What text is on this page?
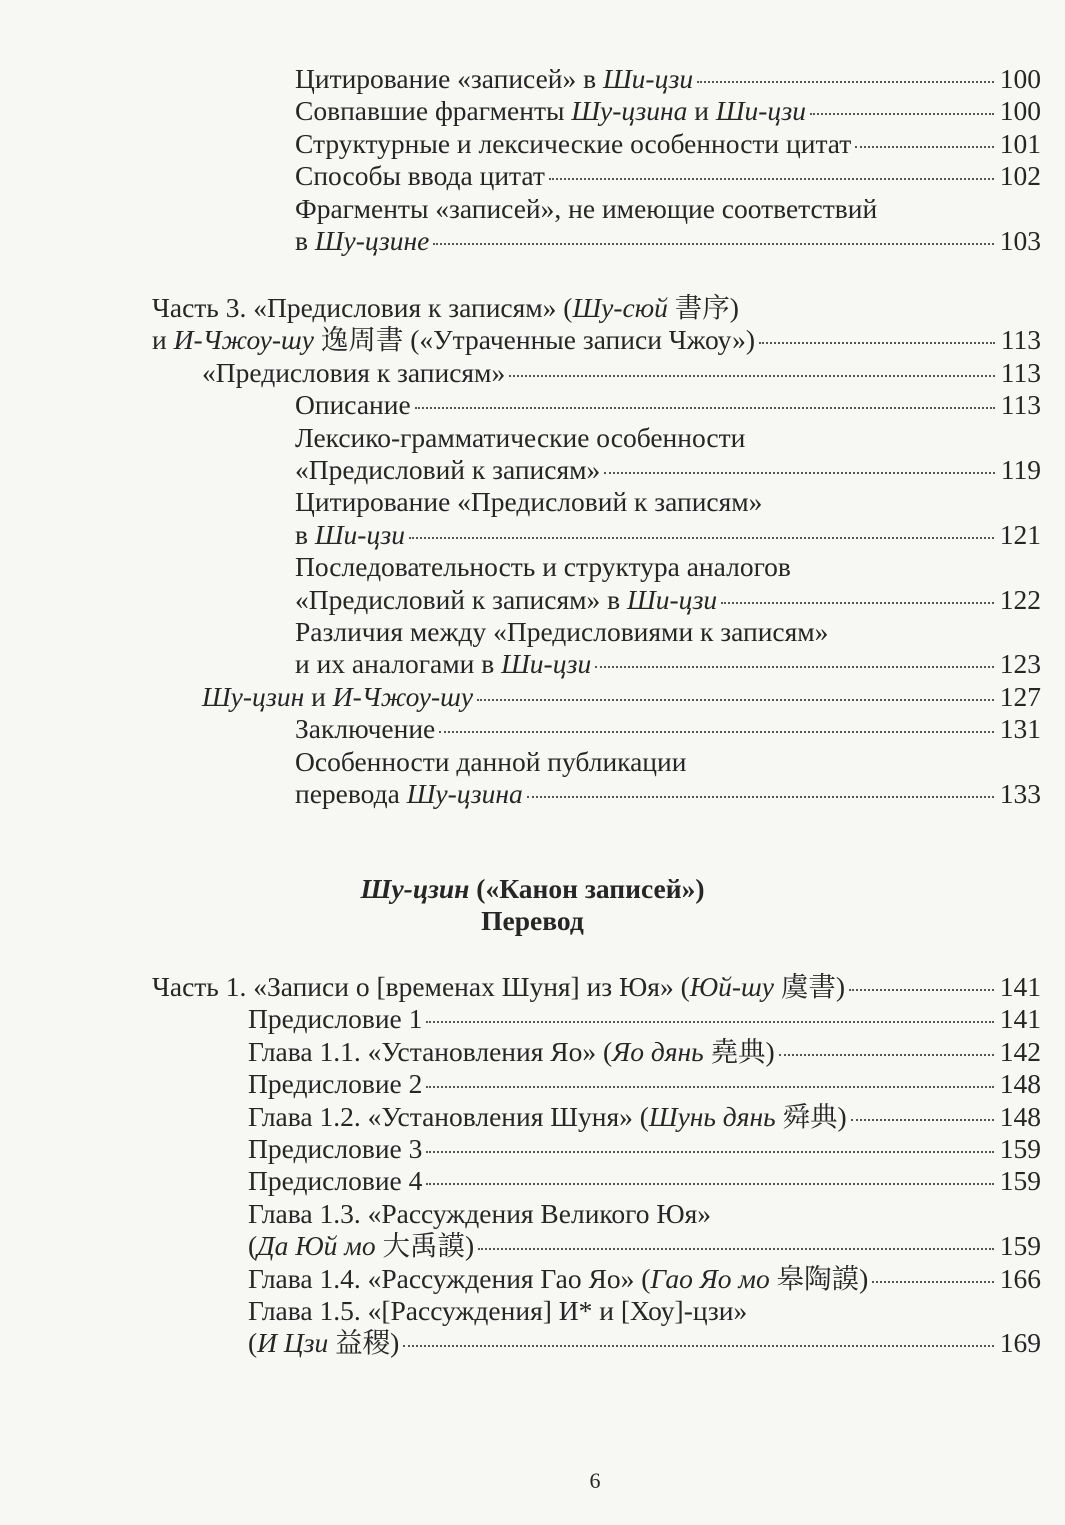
Цитирование «записей» в Ши-цзи	100
Совпавшие фрагменты Шу-цзина и Ши-цзи	100
Структурные и лексические особенности цитат	101
Способы ввода цитат	102
Фрагменты «записей», не имеющие соответствий
в Шу-цзине	103
Часть 3. «Предисловия к записям» (Шу-сюй 書序)
и И-Чжоу-шу 逸周書 («Утраченные записи Чжоу»)	113
«Предисловия к записям»	113
Описание	113
Лексико-грамматические особенности
«Предисловий к записям»	119
Цитирование «Предисловий к записям»
в Ши-цзи	121
Последовательность и структура аналогов
«Предисловий к записям» в Ши-цзи	122
Различия между «Предисловиями к записям»
и их аналогами в Ши-цзи	123
Шу-цзин и И-Чжоу-шу	127
Заключение	131
Особенности данной публикации
перевода Шу-цзина	133
Часть 1. «Записи о [временах Шуня] из Юя» (Юй-шу 虞書)	141
Предисловие 1	141
Глава 1.1. «Установления Яо» (Яо дянь 堯典)	142
Предисловие 2	148
Глава 1.2. «Установления Шуня» (Шунь дянь 舜典)	148
Предисловие 3	159
Предисловие 4	159
Глава 1.3. «Рассуждения Великого Юя»
(Да Юй мо 大禹謨)	159
Глава 1.4. «Рассуждения Гао Яо» (Гао Яо мо 皋陶謨)	166
Глава 1.5. «[Рассуждения] И* и [Хоу]-цзи»
(И Цзи 益稷)	169
Шу-цзин («Канон записей»)
Перевод
6
